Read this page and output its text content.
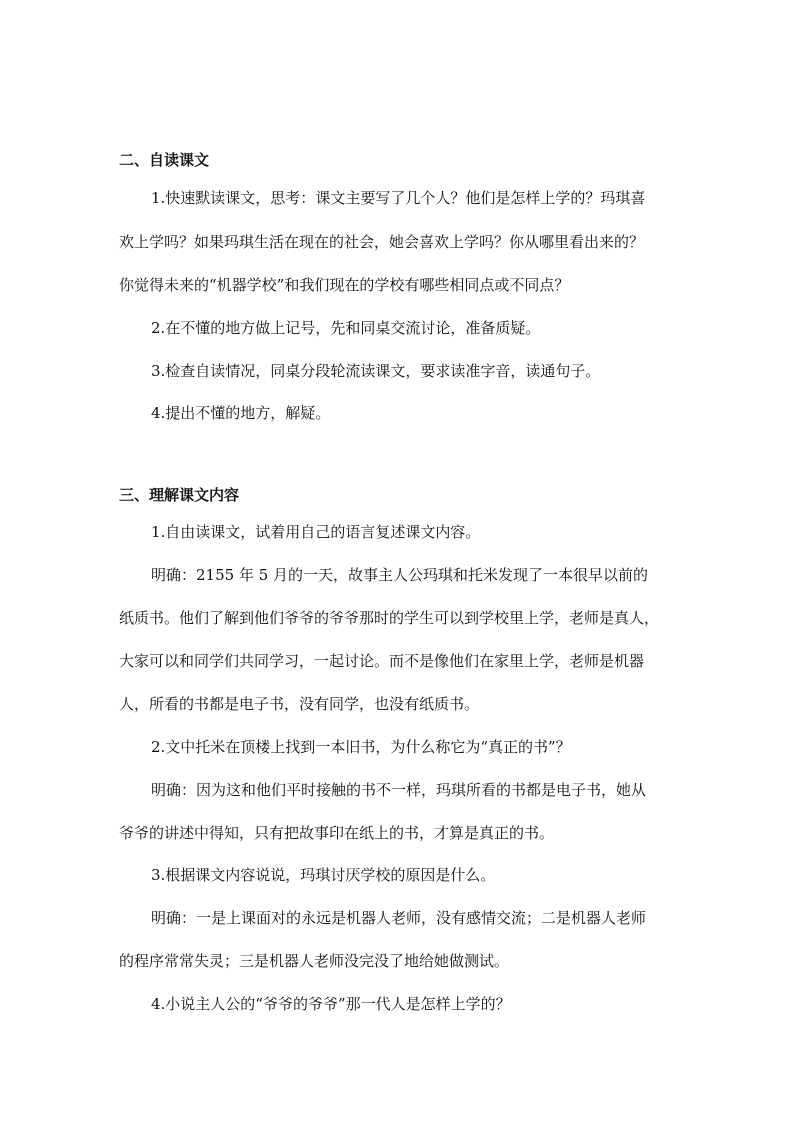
二、自读课文
1.快速默读课文，思考：课文主要写了几个人？他们是怎样上学的？玛琪喜
欢上学吗？如果玛琪生活在现在的社会，她会喜欢上学吗？你从哪里看出来的？
你觉得未来的“机器学校”和我们现在的学校有哪些相同点或不同点？
2.在不懂的地方做上记号，先和同桌交流讨论，准备质疑。
3.检查自读情况，同桌分段轮流读课文，要求读准字音，读通句子。
4.提出不懂的地方，解疑。
三、理解课文内容
1.自由读课文，试着用自己的语言复述课文内容。
明确：2155 年 5 月的一天，故事主人公玛琪和托米发现了一本很早以前的
纸质书。他们了解到他们爷爷的爷爷那时的学生可以到学校里上学，老师是真人，
大家可以和同学们共同学习，一起讨论。而不是像他们在家里上学，老师是机器
人，所看的书都是电子书，没有同学，也没有纸质书。
2.文中托米在顶楼上找到一本旧书，为什么称它为“真正的书”？
明确：因为这和他们平时接触的书不一样，玛琪所看的书都是电子书，她从
爷爷的讲述中得知，只有把故事印在纸上的书，才算是真正的书。
3.根据课文内容说说，玛琪讨厌学校的原因是什么。
明确：一是上课面对的永远是机器人老师，没有感情交流；二是机器人老师
的程序常常失灵；三是机器人老师没完没了地给她做测试。
4.小说主人公的“爷爷的爷爷”那一代人是怎样上学的？
